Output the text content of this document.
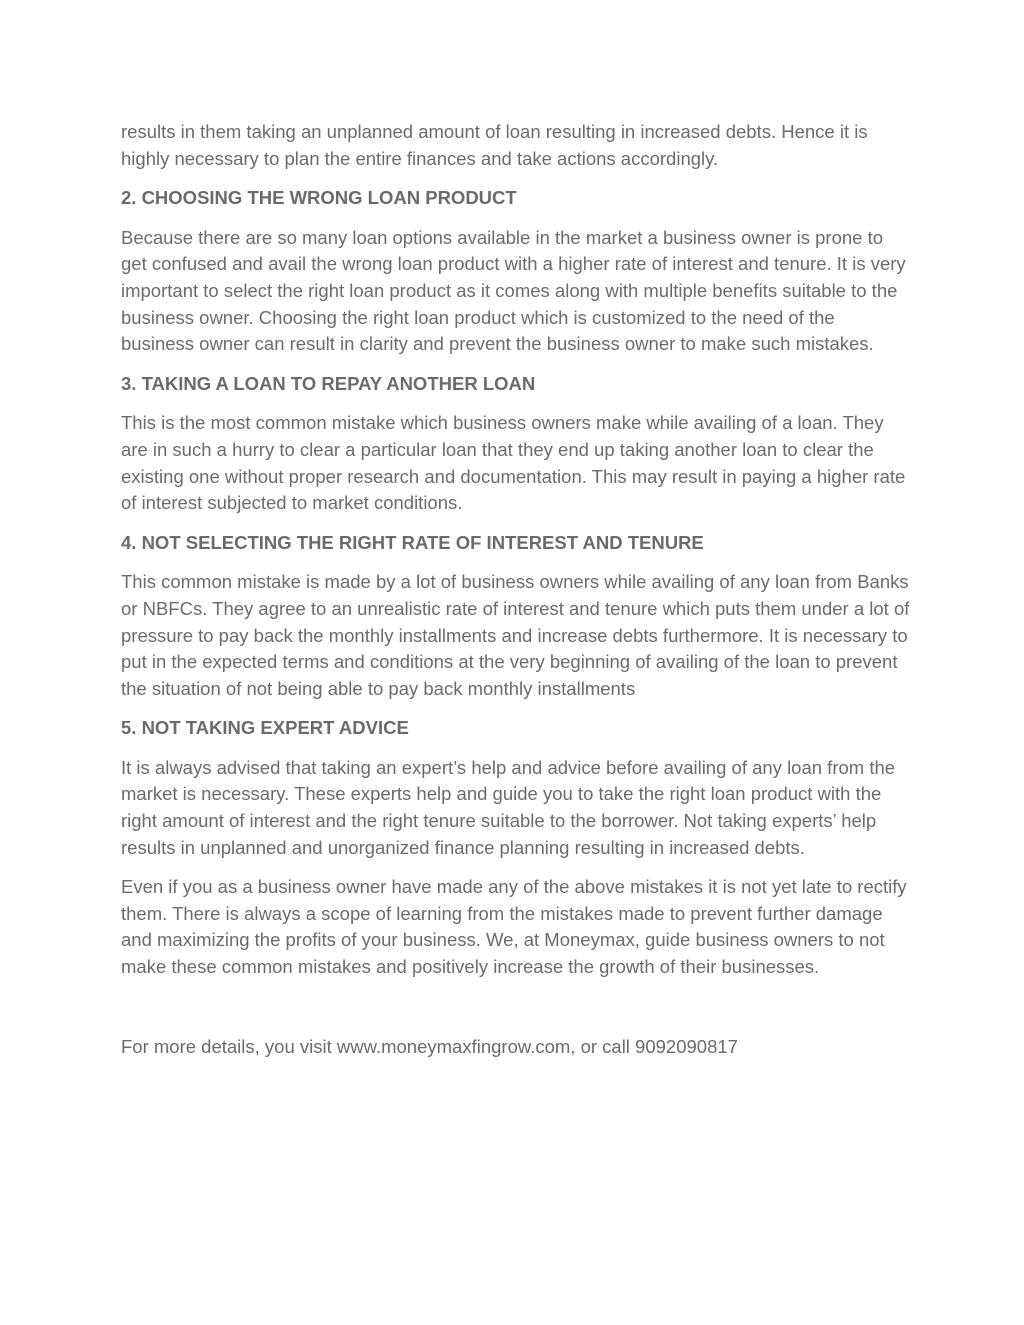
results in them taking an unplanned amount of loan resulting in increased debts. Hence it is highly necessary to plan the entire finances and take actions accordingly.

2. CHOOSING THE WRONG LOAN PRODUCT

Because there are so many loan options available in the market a business owner is prone to get confused and avail the wrong loan product with a higher rate of interest and tenure. It is very important to select the right loan product as it comes along with multiple benefits suitable to the business owner. Choosing the right loan product which is customized to the need of the business owner can result in clarity and prevent the business owner to make such mistakes.

3. TAKING A LOAN TO REPAY ANOTHER LOAN

This is the most common mistake which business owners make while availing of a loan. They are in such a hurry to clear a particular loan that they end up taking another loan to clear the existing one without proper research and documentation. This may result in paying a higher rate of interest subjected to market conditions.

4. NOT SELECTING THE RIGHT RATE OF INTEREST AND TENURE

This common mistake is made by a lot of business owners while availing of any loan from Banks or NBFCs. They agree to an unrealistic rate of interest and tenure which puts them under a lot of pressure to pay back the monthly installments and increase debts furthermore. It is necessary to put in the expected terms and conditions at the very beginning of availing of the loan to prevent the situation of not being able to pay back monthly installments

5. NOT TAKING EXPERT ADVICE

It is always advised that taking an expert’s help and advice before availing of any loan from the market is necessary. These experts help and guide you to take the right loan product with the right amount of interest and the right tenure suitable to the borrower. Not taking experts’ help results in unplanned and unorganized finance planning resulting in increased debts.

Even if you as a business owner have made any of the above mistakes it is not yet late to rectify them. There is always a scope of learning from the mistakes made to prevent further damage and maximizing the profits of your business. We, at Moneymax, guide business owners to not make these common mistakes and positively increase the growth of their businesses.

For more details, you visit www.moneymaxfingrow.com, or call 9092090817
